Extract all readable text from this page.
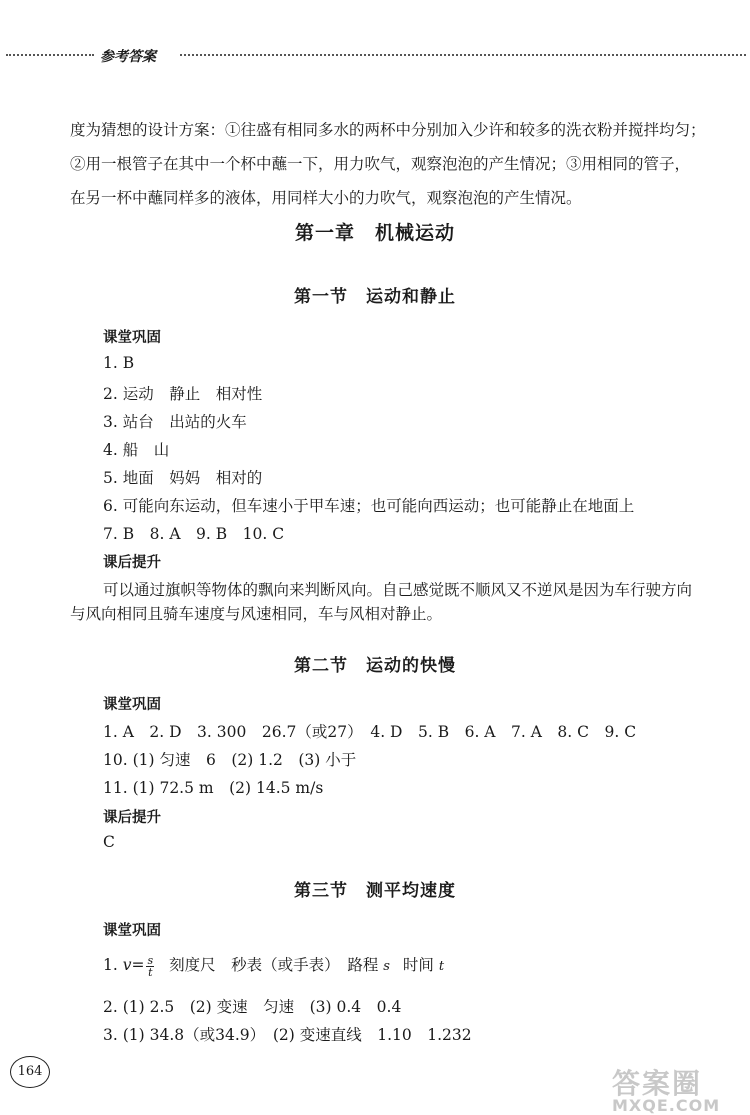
参考答案
度为猜想的设计方案：①往盛有相同多水的两杯中分别加入少许和较多的洗衣粉并搅拌均匀；
②用一根管子在其中一个杯中蘸一下，用力吹气，观察泡泡的产生情况；③用相同的管子，
在另一杯中蘸同样多的液体，用同样大小的力吹气，观察泡泡的产生情况。
第一章　机械运动
第一节　运动和静止
课堂巩固
1. B
2. 运动　静止　相对性
3. 站台　出站的火车
4. 船　山
5. 地面　妈妈　相对的
6. 可能向东运动，但车速小于甲车速；也可能向西运动；也可能静止在地面上
7. B　8. A　9. B　10. C
课后提升
可以通过旗帜等物体的飘向来判断风向。自己感觉既不顺风又不逆风是因为车行驶方向
与风向相同且骑车速度与风速相同，车与风相对静止。
第二节　运动的快慢
课堂巩固
1. A　2. D　3. 300　26.7（或27）　4. D　5. B　6. A　7. A　8. C　9. C
10. (1) 匀速　6　(2) 1.2　(3) 小于
11. (1) 72.5 m　(2) 14.5 m/s
课后提升
C
第三节　测平均速度
课堂巩固
1. $v= \frac{s}{t}$ 刻度尺　秒表（或手表）　路程 s 时间 t
2. (1) 2.5　(2) 变速　匀速　(3) 0.4　0.4
3. (1) 34.8（或34.9）　(2) 变速直线　1.10　1.232
164	答案圈
MXQE.COM
